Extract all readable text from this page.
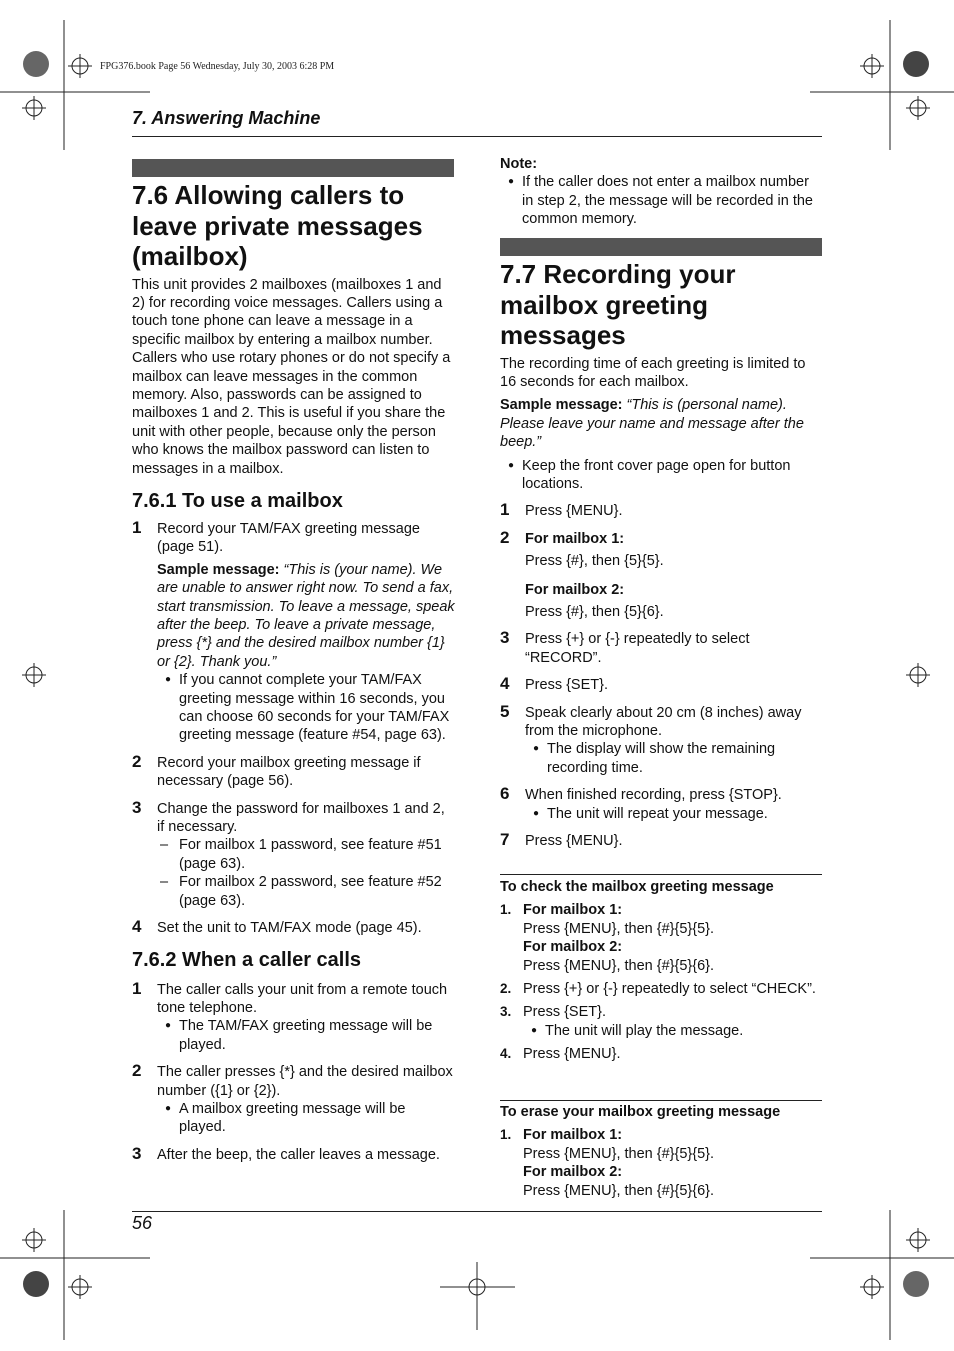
FPG376.book Page 56 Wednesday, July 30, 2003 6:28 PM
7. Answering Machine
7.6 Allowing callers to leave private messages (mailbox)

This unit provides 2 mailboxes (mailboxes 1 and 2) for recording voice messages. Callers using a touch tone phone can leave a message in a specific mailbox by entering a mailbox number. Callers who use rotary phones or do not specify a mailbox can leave messages in the common memory. Also, passwords can be assigned to mailboxes 1 and 2. This is useful if you share the unit with other people, because only the person who knows the mailbox password can listen to messages in a mailbox.

7.6.1 To use a mailbox
1 Record your TAM/FAX greeting message (page 51).

Sample message: “This is (your name). We are unable to answer right now. To send a fax, start transmission. To leave a message, speak after the beep. To leave a private message, press {*} and the desired mailbox number {1} or {2}. Thank you.”

● If you cannot complete your TAM/FAX greeting message within 16 seconds, you can choose 60 seconds for your TAM/FAX greeting message (feature #54, page 63).

2 Record your mailbox greeting message if necessary (page 56).

3 Change the password for mailboxes 1 and 2, if necessary.

– For mailbox 1 password, see feature #51 (page 63).

– For mailbox 2 password, see feature #52 (page 63).

4 Set the unit to TAM/FAX mode (page 45).

7.6.2 When a caller calls
1 The caller calls your unit from a remote touch tone telephone.

● The TAM/FAX greeting message will be played.

2 The caller presses {*} and the desired mailbox number ({1} or {2}).

● A mailbox greeting message will be played.

3 After the beep, the caller leaves a message.

Note:

● If the caller does not enter a mailbox number in step 2, the message will be recorded in the common memory.

7.7 Recording your mailbox greeting messages

The recording time of each greeting is limited to 16 seconds for each mailbox.

Sample message: “This is (personal name). Please leave your name and message after the beep.”

● Keep the front cover page open for button locations.

1 Press {MENU}.

2 For mailbox 1:

Press {#}, then {5}{5}.

For mailbox 2:

Press {#}, then {5}{6}.

3 Press {+} or {-} repeatedly to select “RECORD”.

4 Press {SET}.

5 Speak clearly about 20 cm (8 inches) away from the microphone.

● The display will show the remaining recording time.

6 When finished recording, press {STOP}.

● The unit will repeat your message.

7 Press {MENU}.

To check the mailbox greeting message

1. For mailbox 1:

Press {MENU}, then {#}{5}{5}.

For mailbox 2:

Press {MENU}, then {#}{5}{6}.

2. Press {+} or {-} repeatedly to select “CHECK”.

3. Press {SET}.

● The unit will play the message.

4. Press {MENU}.

To erase your mailbox greeting message

1. For mailbox 1:

Press {MENU}, then {#}{5}{5}.

For mailbox 2:

Press {MENU}, then {#}{5}{6}.

56
